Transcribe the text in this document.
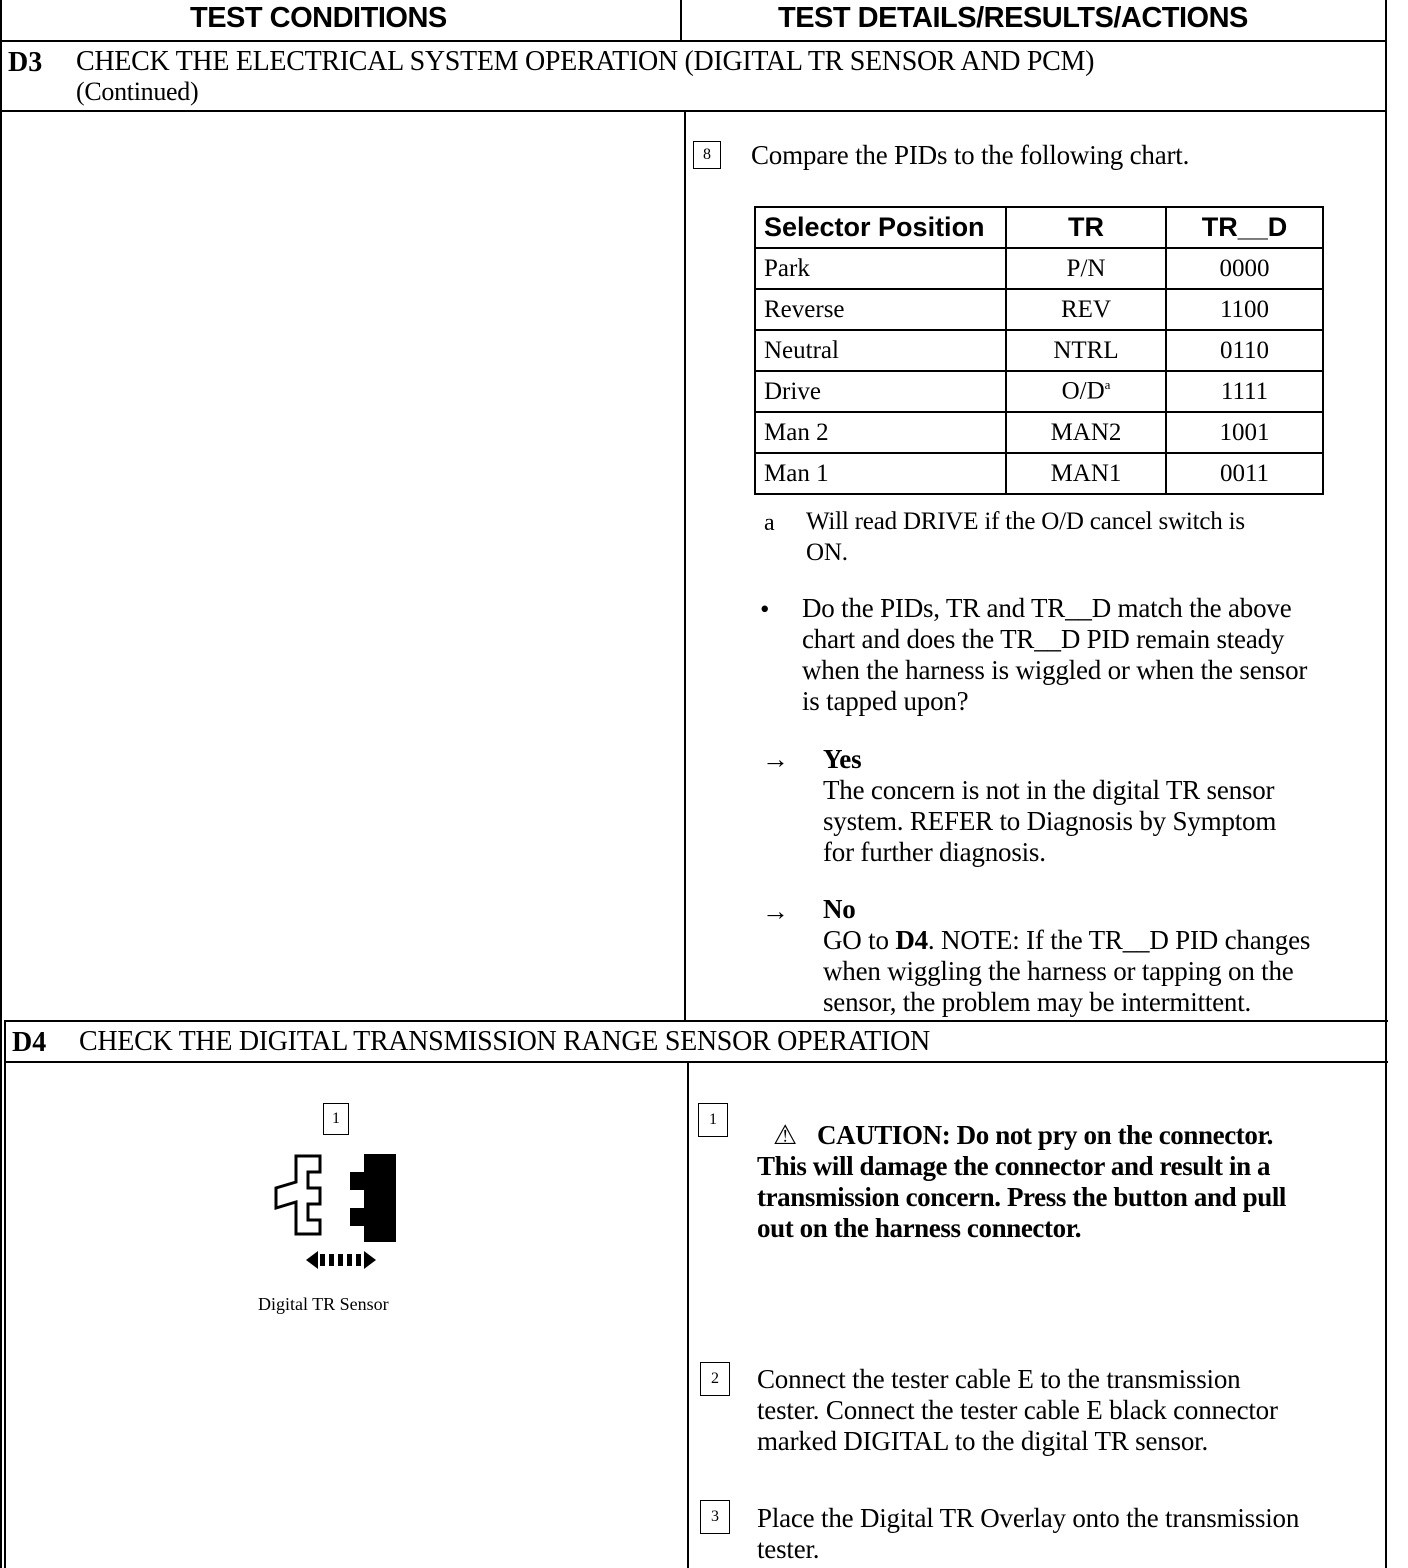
TEST CONDITIONS	TEST DETAILS/RESULTS/ACTIONS
D3 CHECK THE ELECTRICAL SYSTEM OPERATION (DIGITAL TR SENSOR AND PCM)
(Continued)
8	Compare the PIDs to the following chart.
Selector Position	TR	TR__D
Park	P/N	0000
Reverse	REV	1100
Neutral	NTRL	0110
Drive	$O/D^a$	1111
Man 2	MAN2	1001
Man 1	MAN1	0011
a Will read DRIVE if the O/D cancel switch is
ON.
• Do the PIDs, TR and TR__D match the above
chart and does the TR__D PID remain steady
when the harness is wiggled or when the sensor
is tapped upon?
→ Yes
The concern is not in the digital TR sensor
system. REFER to Diagnosis by Symptom
for further diagnosis.
→ No
GO to D4. NOTE: If the TR__D PID changes
when wiggling the harness or tapping on the
sensor, the problem may be intermittent.
D4 CHECK THE DIGITAL TRANSMISSION RANGE SENSOR OPERATION
1
Digital TR Sensor
1
⚠ CAUTION: Do not pry on the connector.
This will damage the connector and result in a
transmission concern. Press the button and pull
out on the harness connector.
2	Connect the tester cable E to the transmission
tester. Connect the tester cable E black connector
marked DIGITAL to the digital TR sensor.
3	Place the Digital TR Overlay onto the transmission
tester.
